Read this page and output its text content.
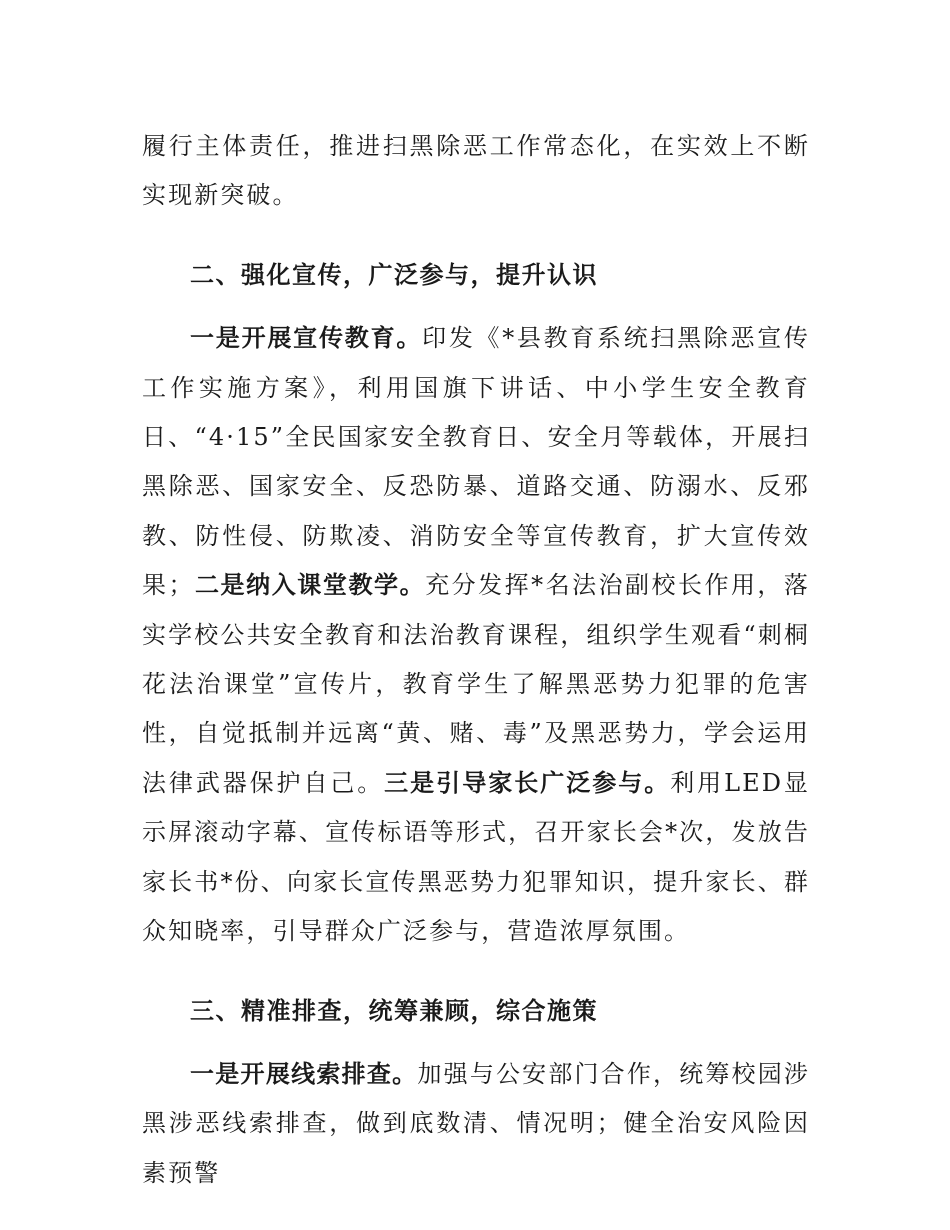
履行主体责任，推进扫黑除恶工作常态化，在实效上不断实现新突破。

二、强化宣传，广泛参与，提升认识

一是开展宣传教育。印发《*县教育系统扫黑除恶宣传工作实施方案》，利用国旗下讲话、中小学生安全教育日、“4·15”全民国家安全教育日、安全月等载体，开展扫黑除恶、国家安全、反恐防暴、道路交通、防溺水、反邪教、防性侵、防欺凌、消防安全等宣传教育，扩大宣传效果；二是纳入课堂教学。充分发挥*名法治副校长作用，落实学校公共安全教育和法治教育课程，组织学生观看“刺桐花法治课堂”宣传片，教育学生了解黑恶势力犯罪的危害性，自觉抵制并远离“黄、赌、毒”及黑恶势力，学会运用法律武器保护自己。三是引导家长广泛参与。利用LED显示屏滚动字幕、宣传标语等形式，召开家长会*次，发放告家长书*份、向家长宣传黑恶势力犯罪知识，提升家长、群众知晓率，引导群众广泛参与，营造浓厚氛围。

三、精准排查，统筹兼顾，综合施策

一是开展线索排查。加强与公安部门合作，统筹校园涉黑涉恶线索排查，做到底数清、情况明；健全治安风险因素预警
